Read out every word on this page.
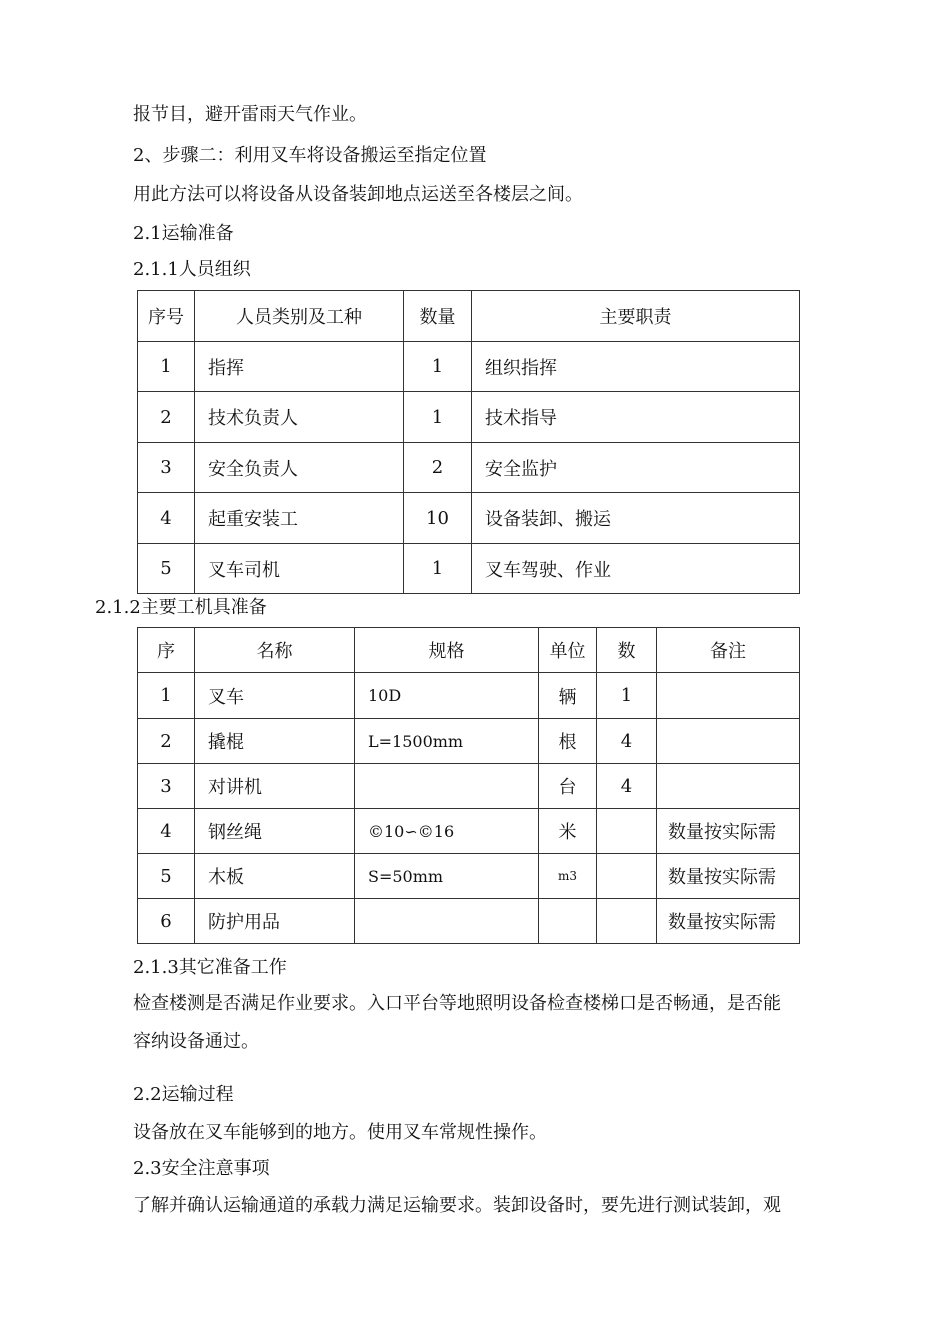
报节目，避开雷雨天气作业。
2、步骤二：利用叉车将设备搬运至指定位置
用此方法可以将设备从设备装卸地点运送至各楼层之间。
2.1运输准备
2.1.1人员组织
序号	人员类别及工种	数量	主要职责
1	指挥	1	组织指挥
2	技术负责人	1	技术指导
3	安全负责人	2	安全监护
4	起重安装工	10	设备装卸、搬运
5	叉车司机	1	叉车驾驶、作业
2.1.2主要工机具准备
序	名称	规格	单位	数	备注
1	叉车	10D	辆	1	
2	撬棍	L=1500mm	根	4	
3	对讲机		台	4	
4	钢丝绳	©10∽©16	米		数量按实际需
5	木板	S=50mm	m3		数量按实际需
6	防护用品				数量按实际需
2.1.3其它准备工作
检查楼测是否满足作业要求。入口平台等地照明设备检查楼梯口是否畅通，是否能
容纳设备通过。
2.2运输过程
设备放在叉车能够到的地方。使用叉车常规性操作。
2.3安全注意事项
了解并确认运输通道的承载力满足运输要求。装卸设备时，要先进行测试装卸，观
